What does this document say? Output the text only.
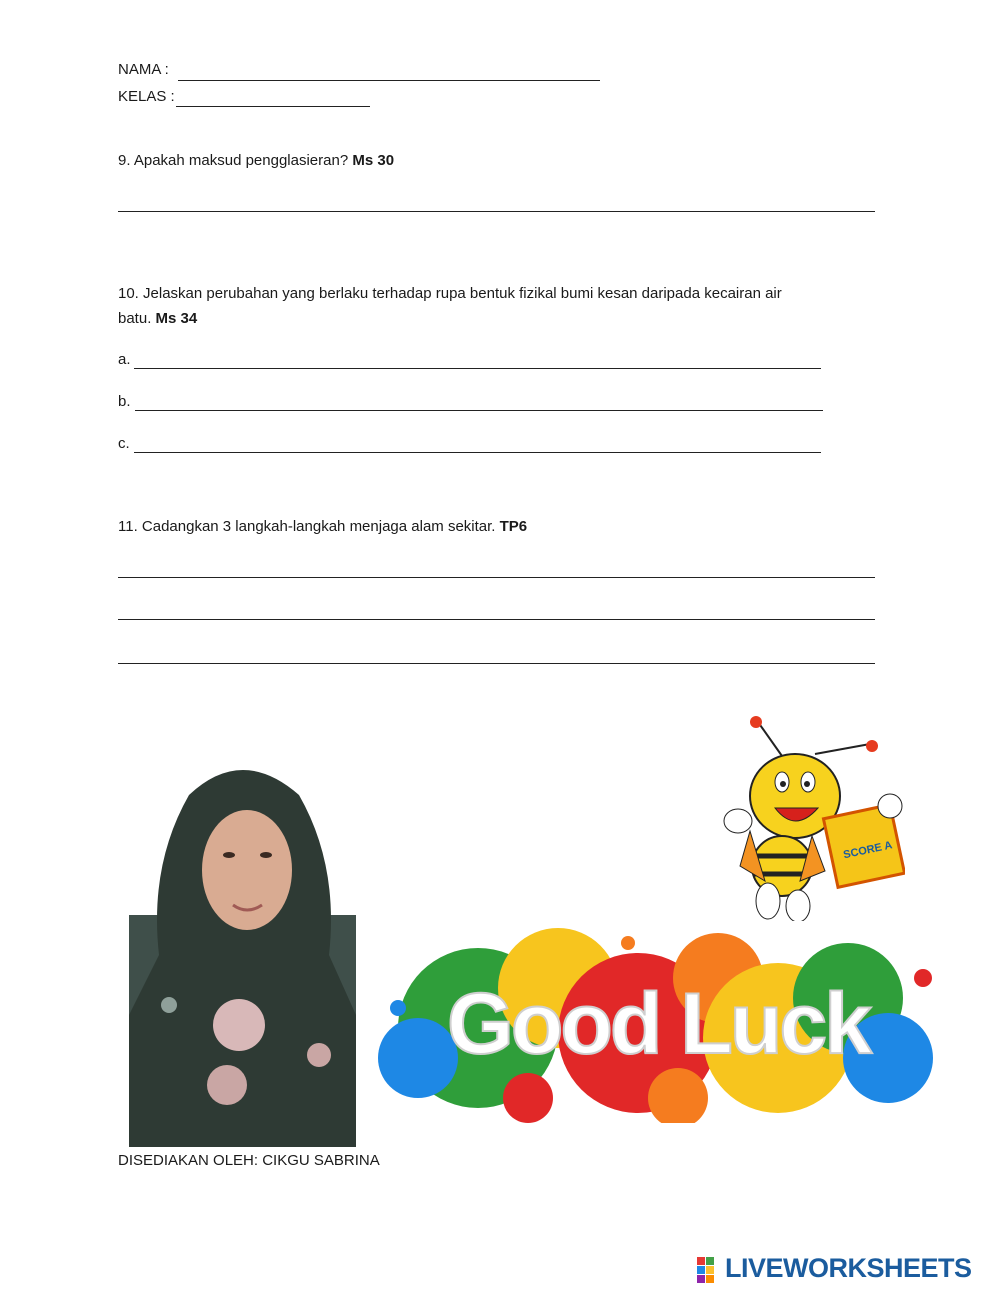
NAMA :
KELAS :
9. Apakah maksud pengglasieran? Ms 30
10. Jelaskan perubahan yang berlaku terhadap rupa bentuk fizikal bumi kesan daripada kecairan air
batu. Ms 34
a.
b.
c.
11. Cadangkan 3 langkah-langkah menjaga alam sekitar. TP6
SCORE A
Good Luck
DISEDIAKAN OLEH: CIKGU SABRINA
LIVEWORKSHEETS
